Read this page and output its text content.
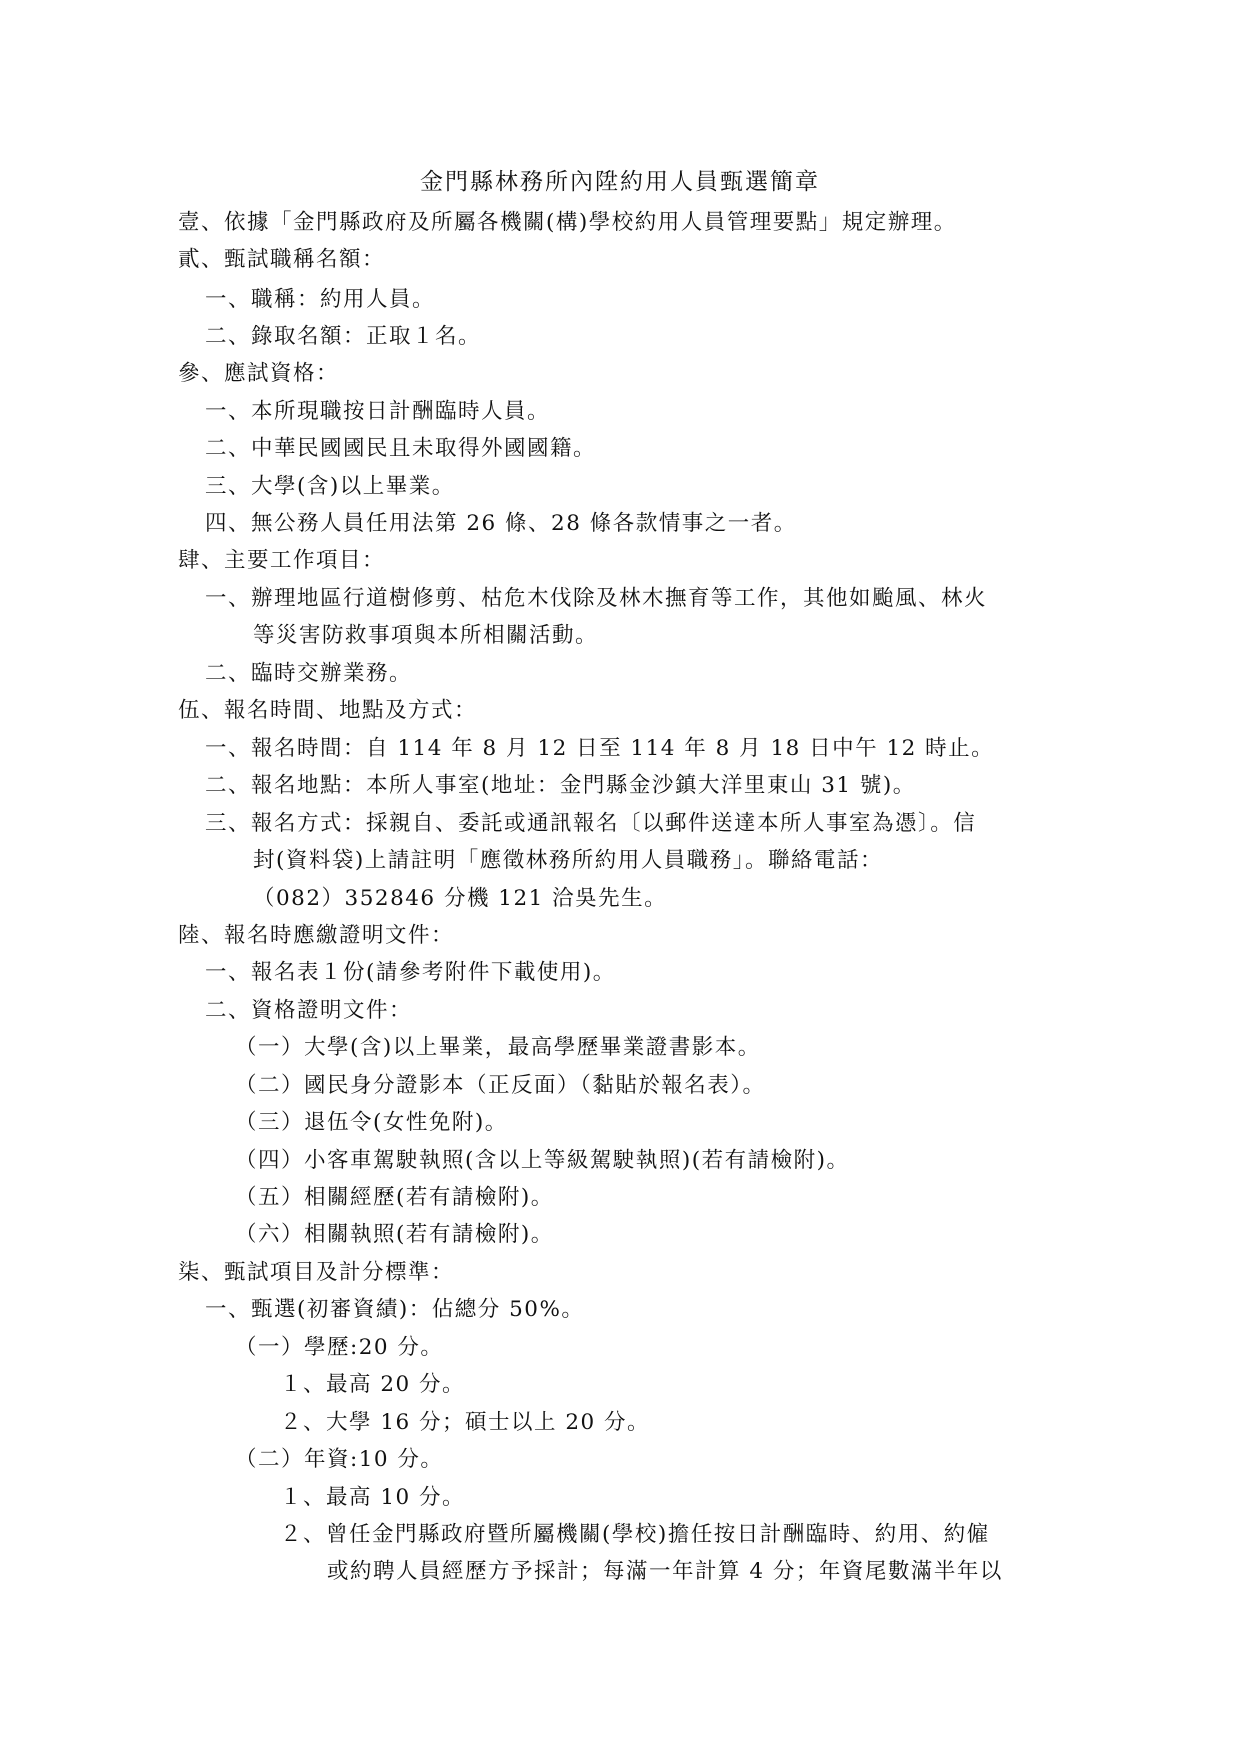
金門縣林務所內陞約用人員甄選簡章
壹、依據「金門縣政府及所屬各機關(構)學校約用人員管理要點」規定辦理。
貳、甄試職稱名額：
一、職稱：約用人員。
二、錄取名額：正取１名。
參、應試資格：
一、本所現職按日計酬臨時人員。
二、中華民國國民且未取得外國國籍。
三、大學(含)以上畢業。
四、無公務人員任用法第 26 條、28 條各款情事之一者。
肆、主要工作項目：
一、辦理地區行道樹修剪、枯危木伐除及林木撫育等工作，其他如颱風、林火
等災害防救事項與本所相關活動。
二、臨時交辦業務。
伍、報名時間、地點及方式：
一、報名時間：自 114 年 8 月 12 日至 114 年 8 月 18 日中午 12 時止。
二、報名地點：本所人事室(地址：金門縣金沙鎮大洋里東山 31 號)。
三、報名方式：採親自、委託或通訊報名〔以郵件送達本所人事室為憑〕。信
封(資料袋)上請註明「應徵林務所約用人員職務」。聯絡電話：
（082）352846 分機 121 洽吳先生。
陸、報名時應繳證明文件：
一、報名表１份(請參考附件下載使用)。
二、資格證明文件：
（一）大學(含)以上畢業，最高學歷畢業證書影本。
（二）國民身分證影本（正反面）（黏貼於報名表）。
（三）退伍令(女性免附)。
（四）小客車駕駛執照(含以上等級駕駛執照)(若有請檢附)。
（五）相關經歷(若有請檢附)。
（六）相關執照(若有請檢附)。
柒、甄試項目及計分標準：
一、甄選(初審資績)：佔總分 50%。
（一）學歷:20 分。
１、最高 20 分。
２、大學 16 分；碩士以上 20 分。
（二）年資:10 分。
１、最高 10 分。
２、曾任金門縣政府暨所屬機關(學校)擔任按日計酬臨時、約用、約僱
或約聘人員經歷方予採計；每滿一年計算 4 分；年資尾數滿半年以
